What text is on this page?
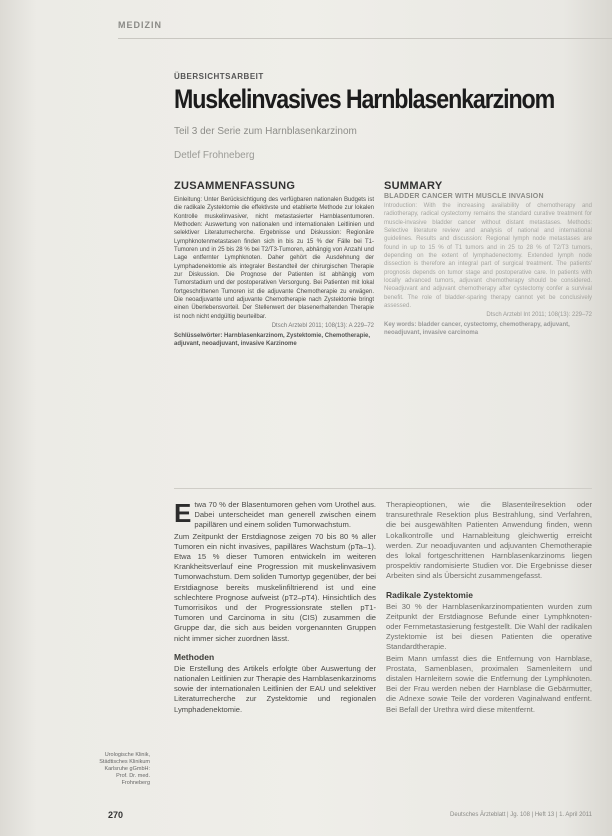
MEDIZIN
ÜBERSICHTSARBEIT
Muskelinvasives Harnblasenkarzinom
Teil 3 der Serie zum Harnblasenkarzinom
Detlef Frohneberg
ZUSAMMENFASSUNG
Einleitung: Unter Berücksichtigung des verfügbaren nationalen Budgets ist die radikale Zystektomie die effektivste und etablierte Methode zur lokalen Kontrolle muskelinvasiver, nicht metastasierter Harnblasentumoren. Methoden: Auswertung von nationalen und internationalen Leitlinien und selektiver Literaturrecherche. Ergebnisse und Diskussion: Regionäre Lymphknotenmetastasen finden sich in bis zu 15 % der Fälle bei T1-Tumoren und in 25 bis 28 % bei T2/T3-Tumoren, abhängig von Anzahl und Lage entfernter Lymphknoten. Daher gehört die Ausdehnung der Lymphadenektomie als integraler Bestandteil der chirurgischen Therapie zur Diskussion. Die Prognose der Patienten ist abhängig vom Tumorstadium und der postoperativen Versorgung. Bei Patienten mit lokal fortgeschrittenen Tumoren ist die adjuvante Chemotherapie zu erwägen. Die neoadjuvante und adjuvante Chemotherapie nach Zystektomie bringt einen Überlebensvorteil. Der Stellenwert der blasenerhaltenden Therapie ist noch nicht endgültig beurteilbar.
Dtsch Arztebl 2011; 108(13): A 229–72
Schlüsselwörter: Harnblasenkarzinom, Zystektomie, Chemotherapie, adjuvant, neoadjuvant, invasive Karzinome
SUMMARY
BLADDER CANCER WITH MUSCLE INVASION
Introduction: With the increasing availability of chemotherapy and radiotherapy, radical cystectomy remains the standard curative treatment for muscle-invasive bladder cancer without distant metastases. Methods: Selective literature review and analysis of national and international guidelines. Results and discussion: Regional lymph node metastases are found in up to 15 % of T1 tumors and in 25 to 28 % of T2/T3 tumors, depending on the extent of lymphadenectomy. Extended lymph node dissection is therefore an integral part of surgical treatment. The patients' prognosis depends on tumor stage and postoperative care. In patients with locally advanced tumors, adjuvant chemotherapy should be considered. Neoadjuvant and adjuvant chemotherapy after cystectomy confer a survival benefit. The role of bladder-sparing therapy cannot yet be conclusively assessed.
Dtsch Arztebl Int 2011; 108(13): 229–72
Key words: bladder cancer, cystectomy, chemotherapy, adjuvant, neoadjuvant, invasive carcinoma
Etwa 70 % der Blasentumoren gehen vom Urothel aus. Dabei unterscheidet man generell zwischen einem papillären und einem soliden Tumorwachstum.
Zum Zeitpunkt der Erstdiagnose zeigen 70 bis 80 % aller Tumoren ein nicht invasives, papilläres Wachstum (pTa–1). Etwa 15 % dieser Tumoren entwickeln im weiteren Krankheitsverlauf eine Progression mit muskelinvasivem Tumorwachstum. Dem soliden Tumortyp gegenüber, der bei Erstdiagnose bereits muskelinfiltrierend ist und eine schlechtere Prognose aufweist (pT2–pT4). Hinsichtlich des Tumorrisikos und der Progressionsrate stellen pT1-Tumoren und Carcinoma in situ (CIS) zusammen die Gruppe dar, die sich aus beiden vorgenannten Gruppen nicht immer sicher zuordnen lässt.
Methoden
Die Erstellung des Artikels erfolgte über Auswertung der nationalen Leitlinien zur Therapie des Harnblasenkarzinoms sowie der internationalen Leitlinien der EAU und selektiver Literaturrecherche zur Zystektomie und regionalen Lymphadenektomie.
Therapieoptionen, wie die Blasenteilresektion oder transurethrale Resektion plus Bestrahlung, sind Verfahren, die bei ausgewählten Patienten Anwendung finden, wenn Lokalkontrolle und Harnableitung gleichwertig erreicht werden. Zur neoadjuvanten und adjuvanten Chemotherapie des lokal fortgeschrittenen Harnblasenkarzinoms liegen prospektiv randomisierte Studien vor. Die Ergebnisse dieser Arbeiten sind als Übersicht zusammengefasst.
Radikale Zystektomie
Bei 30 % der Harnblasenkarzinompatienten wurden zum Zeitpunkt der Erstdiagnose Befunde einer Lymphknoten- oder Fernmetastasierung festgestellt. Die Wahl der radikalen Zystektomie ist bei diesen Patienten die operative Standardtherapie.
Beim Mann umfasst dies die Entfernung von Harnblase, Prostata, Samenblasen, proximalen Samenleitern und distalen Harnleitern sowie die Entfernung der Lymphknoten. Bei der Frau werden neben der Harnblase die Gebärmutter, die Adnexe sowie Teile der vorderen Vaginalwand entfernt. Bei Befall der Urethra wird diese mitentfernt.
Urologische Klinik, Städtisches Klinikum Karlsruhe gGmbH: Prof. Dr. med. Frohneberg
270	Deutsches Ärzteblatt | Jg. 108 | Heft 13 | 1. April 2011
